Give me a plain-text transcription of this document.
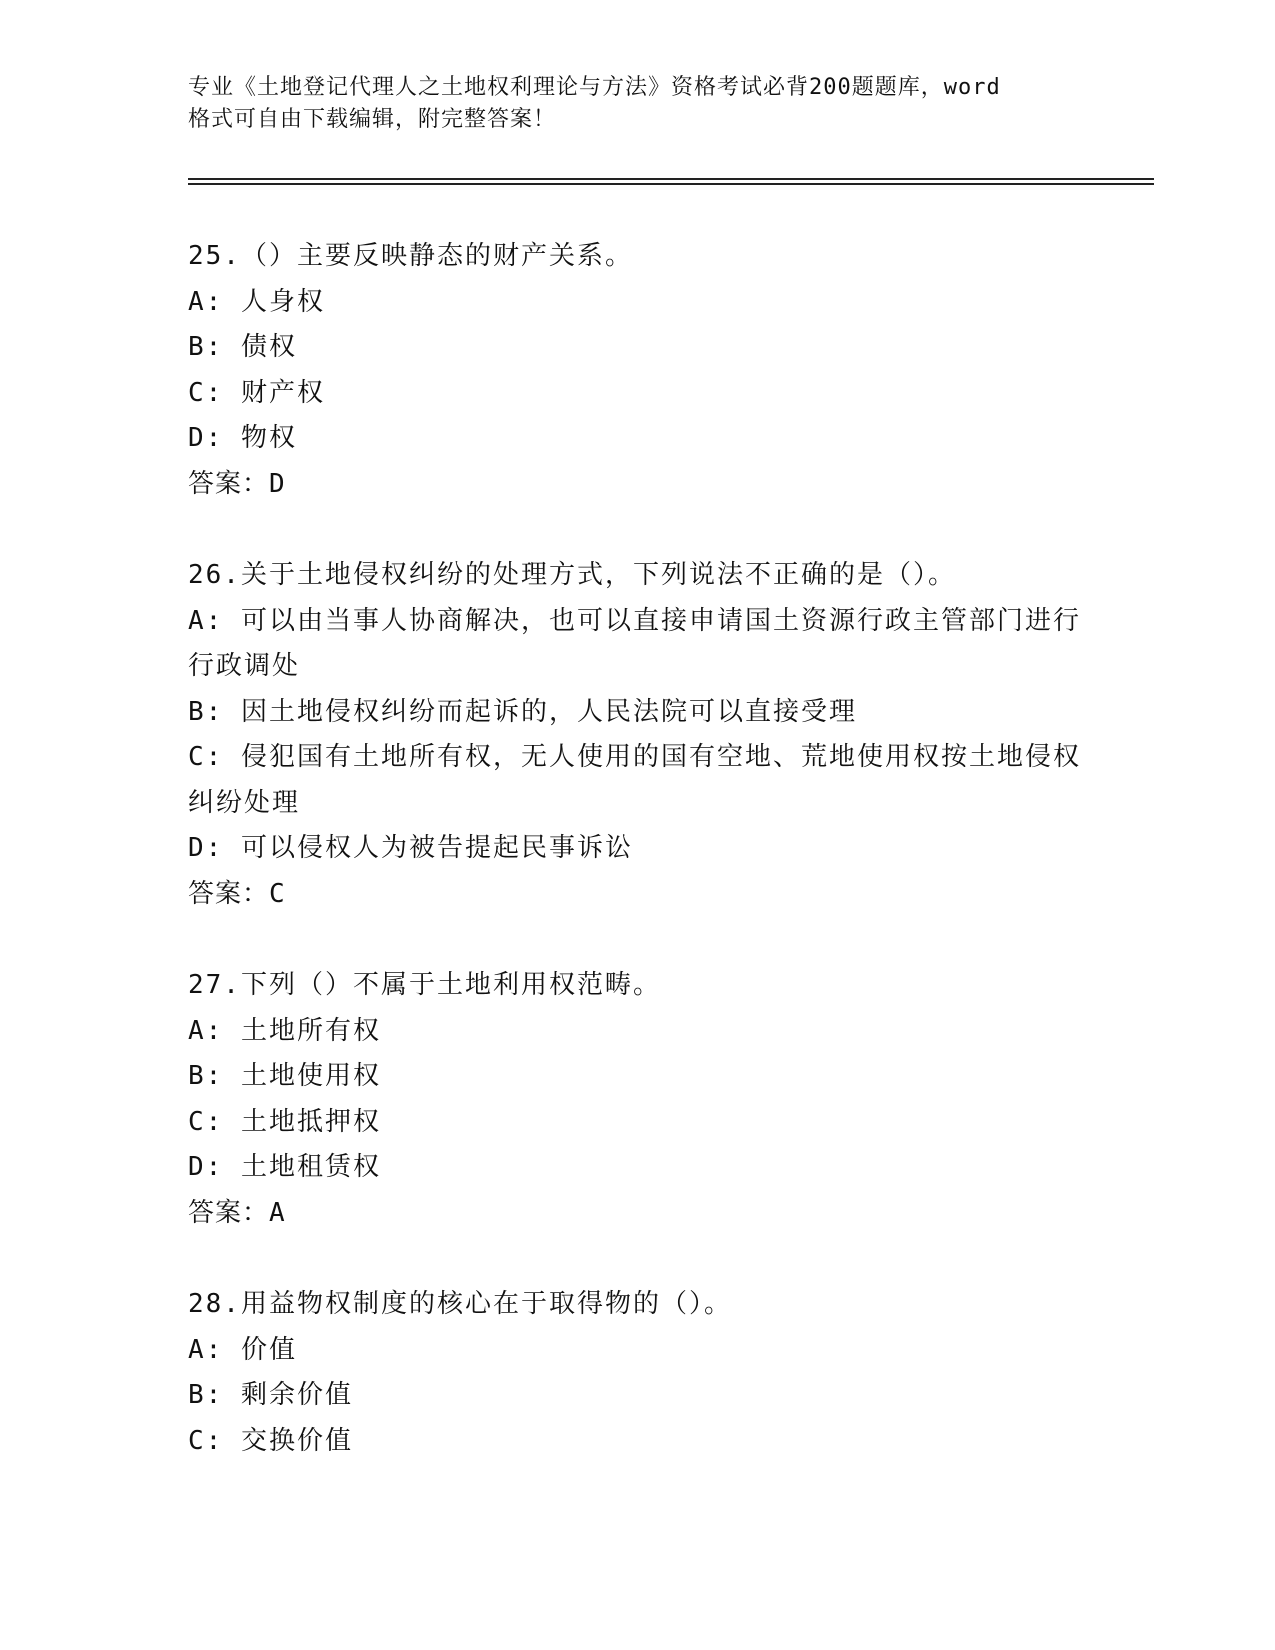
专业《土地登记代理人之土地权利理论与方法》资格考试必背200题题库，word
格式可自由下载编辑，附完整答案！
25.（）主要反映静态的财产关系。
A: 人身权
B: 债权
C: 财产权
D: 物权
答案：D
26.关于土地侵权纠纷的处理方式，下列说法不正确的是（）。
A: 可以由当事人协商解决，也可以直接申请国土资源行政主管部门进行行政调处
B: 因土地侵权纠纷而起诉的，人民法院可以直接受理
C: 侵犯国有土地所有权，无人使用的国有空地、荒地使用权按土地侵权纠纷处理
D: 可以侵权人为被告提起民事诉讼
答案：C
27.下列（）不属于土地利用权范畴。
A: 土地所有权
B: 土地使用权
C: 土地抵押权
D: 土地租赁权
答案：A
28.用益物权制度的核心在于取得物的（）。
A: 价值
B: 剩余价值
C: 交换价值
